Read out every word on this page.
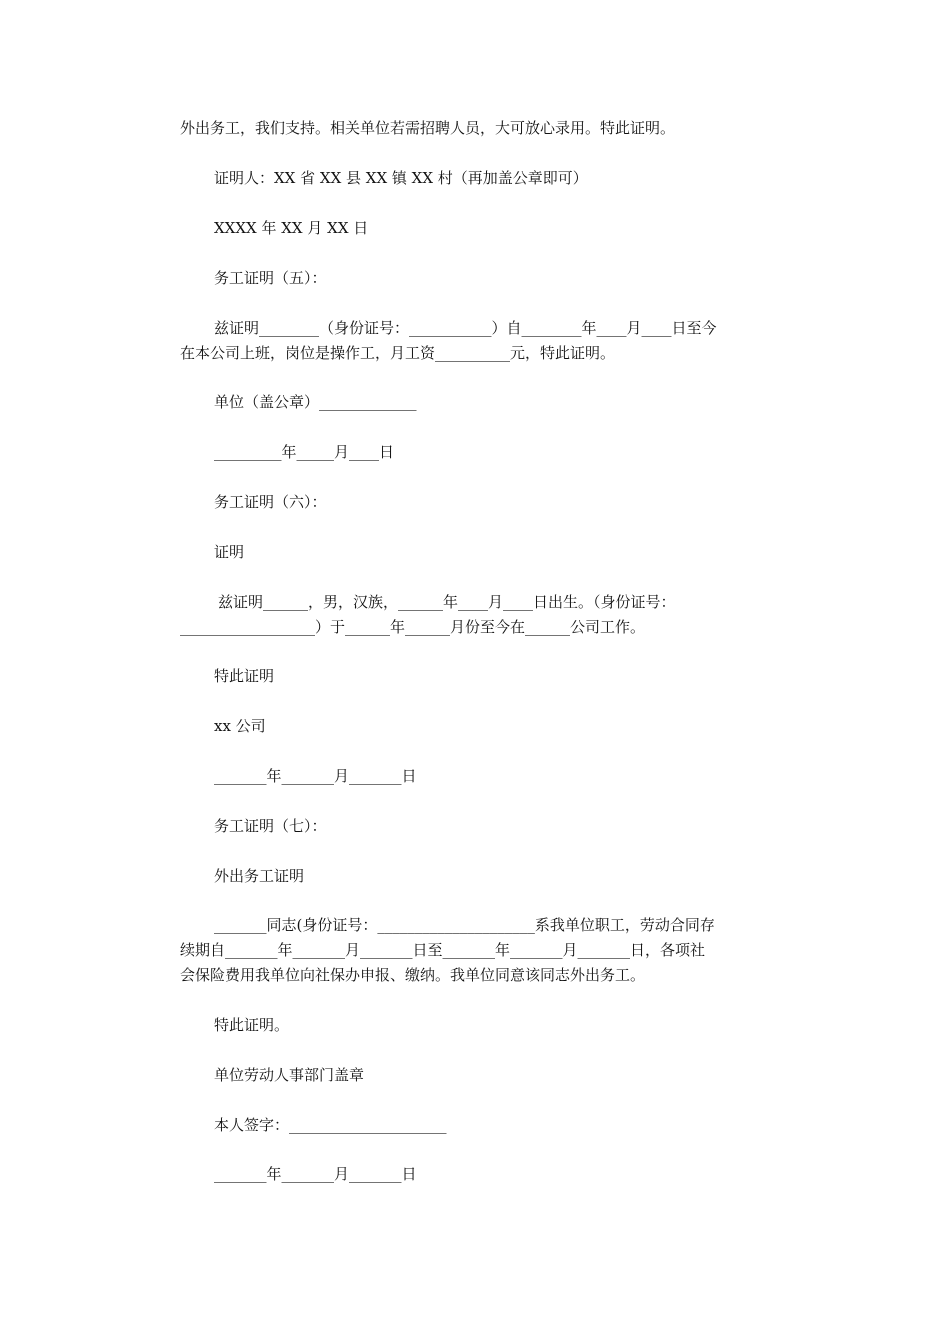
外出务工，我们支持。相关单位若需招聘人员，大可放心录用。特此证明。
证明人：XX 省 XX 县 XX 镇 XX 村（再加盖公章即可）
XXXX 年 XX 月 XX 日
务工证明（五）：
兹证明________（身份证号：___________）自________年____月____日至今
在本公司上班，岗位是操作工，月工资__________元，特此证明。
单位（盖公章）_____________
_________年_____月____日
务工证明（六）：
证明
兹证明______，男，汉族，______年____月____日出生。（身份证号：
__________________）于______年______月份至今在______公司工作。
特此证明
xx 公司
_______年_______月_______日
务工证明（七）：
外出务工证明
_______同志(身份证号：_____________________系我单位职工，劳动合同存
续期自_______年_______月_______日至_______年_______月_______日，各项社
会保险费用我单位向社保办申报、缴纳。我单位同意该同志外出务工。
特此证明。
单位劳动人事部门盖章
本人签字：_____________________
_______年_______月_______日
